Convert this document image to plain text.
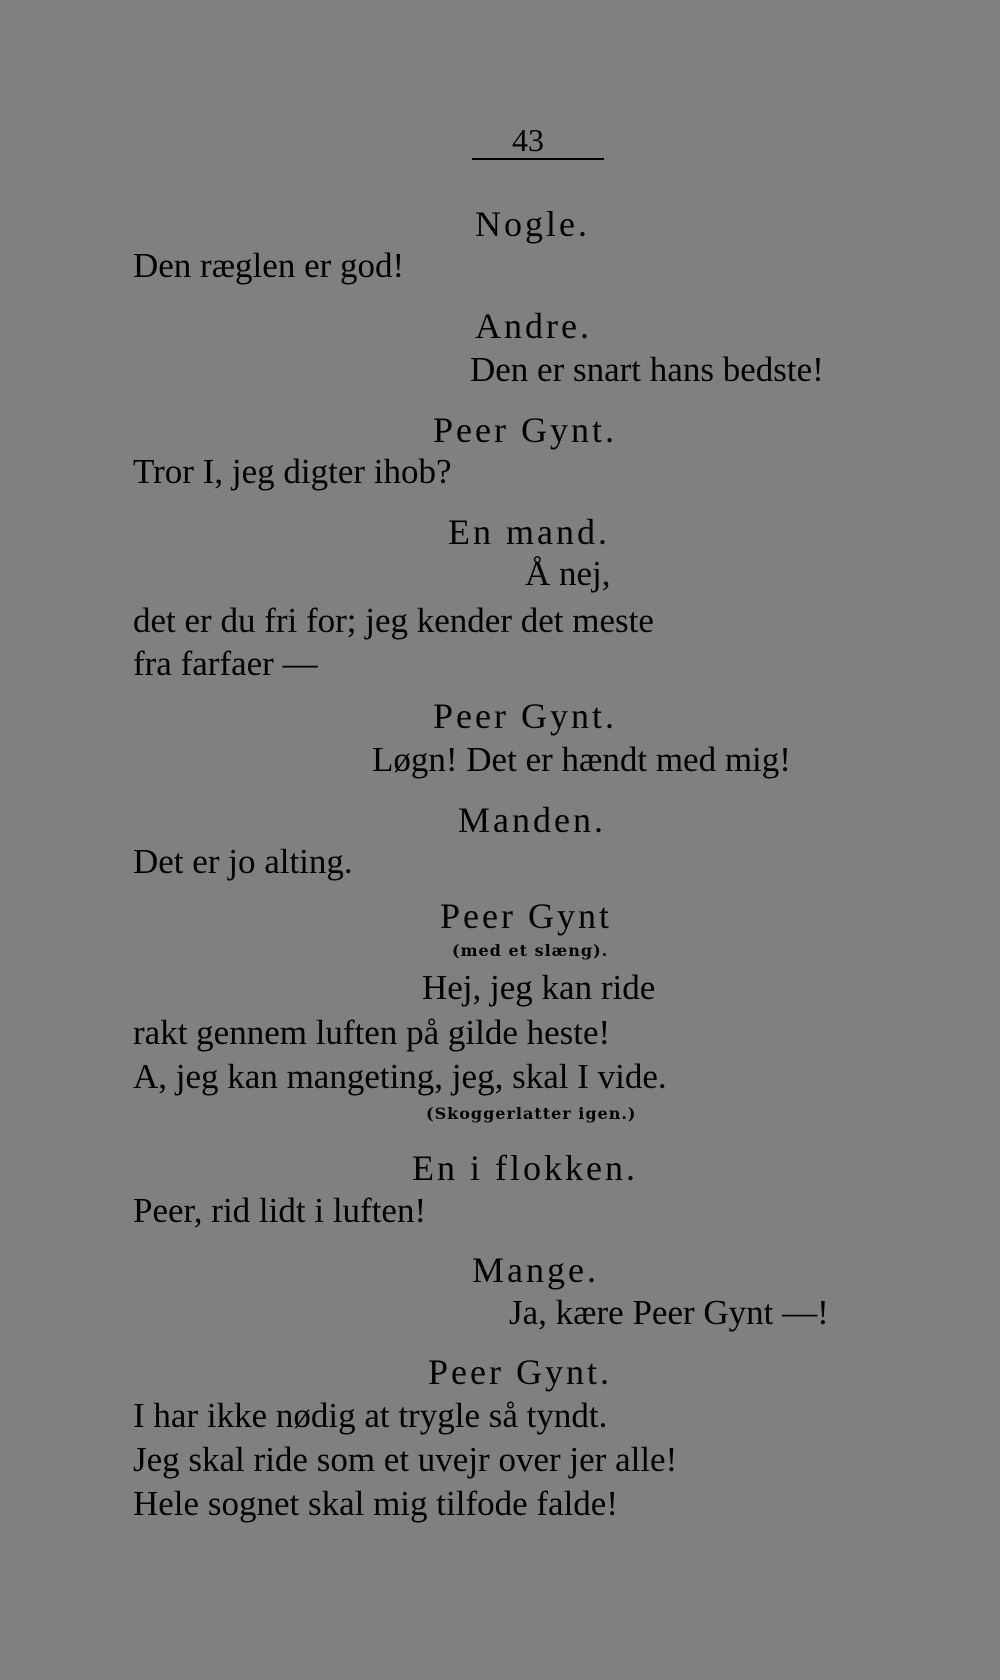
43
Nogle.
Den ræglen er god!
Andre.
Den er snart hans bedste!
Peer Gynt.
Tror I, jeg digter ihob?
En mand.
Å nej,
det er du fri for; jeg kender det meste
fra farfaer —
Peer Gynt.
Løgn! Det er hændt med mig!
Manden.
Det er jo alting.
Peer Gynt
(med et slæng).
Hej, jeg kan ride
rakt gennem luften på gilde heste!
A, jeg kan mangeting, jeg, skal I vide.
(Skoggerlatter igen.)
En i flokken.
Peer, rid lidt i luften!
Mange.
Ja, kære Peer Gynt —!
Peer Gynt.
I har ikke nødig at trygle så tyndt.
Jeg skal ride som et uvejr over jer alle!
Hele sognet skal mig tilfode falde!
